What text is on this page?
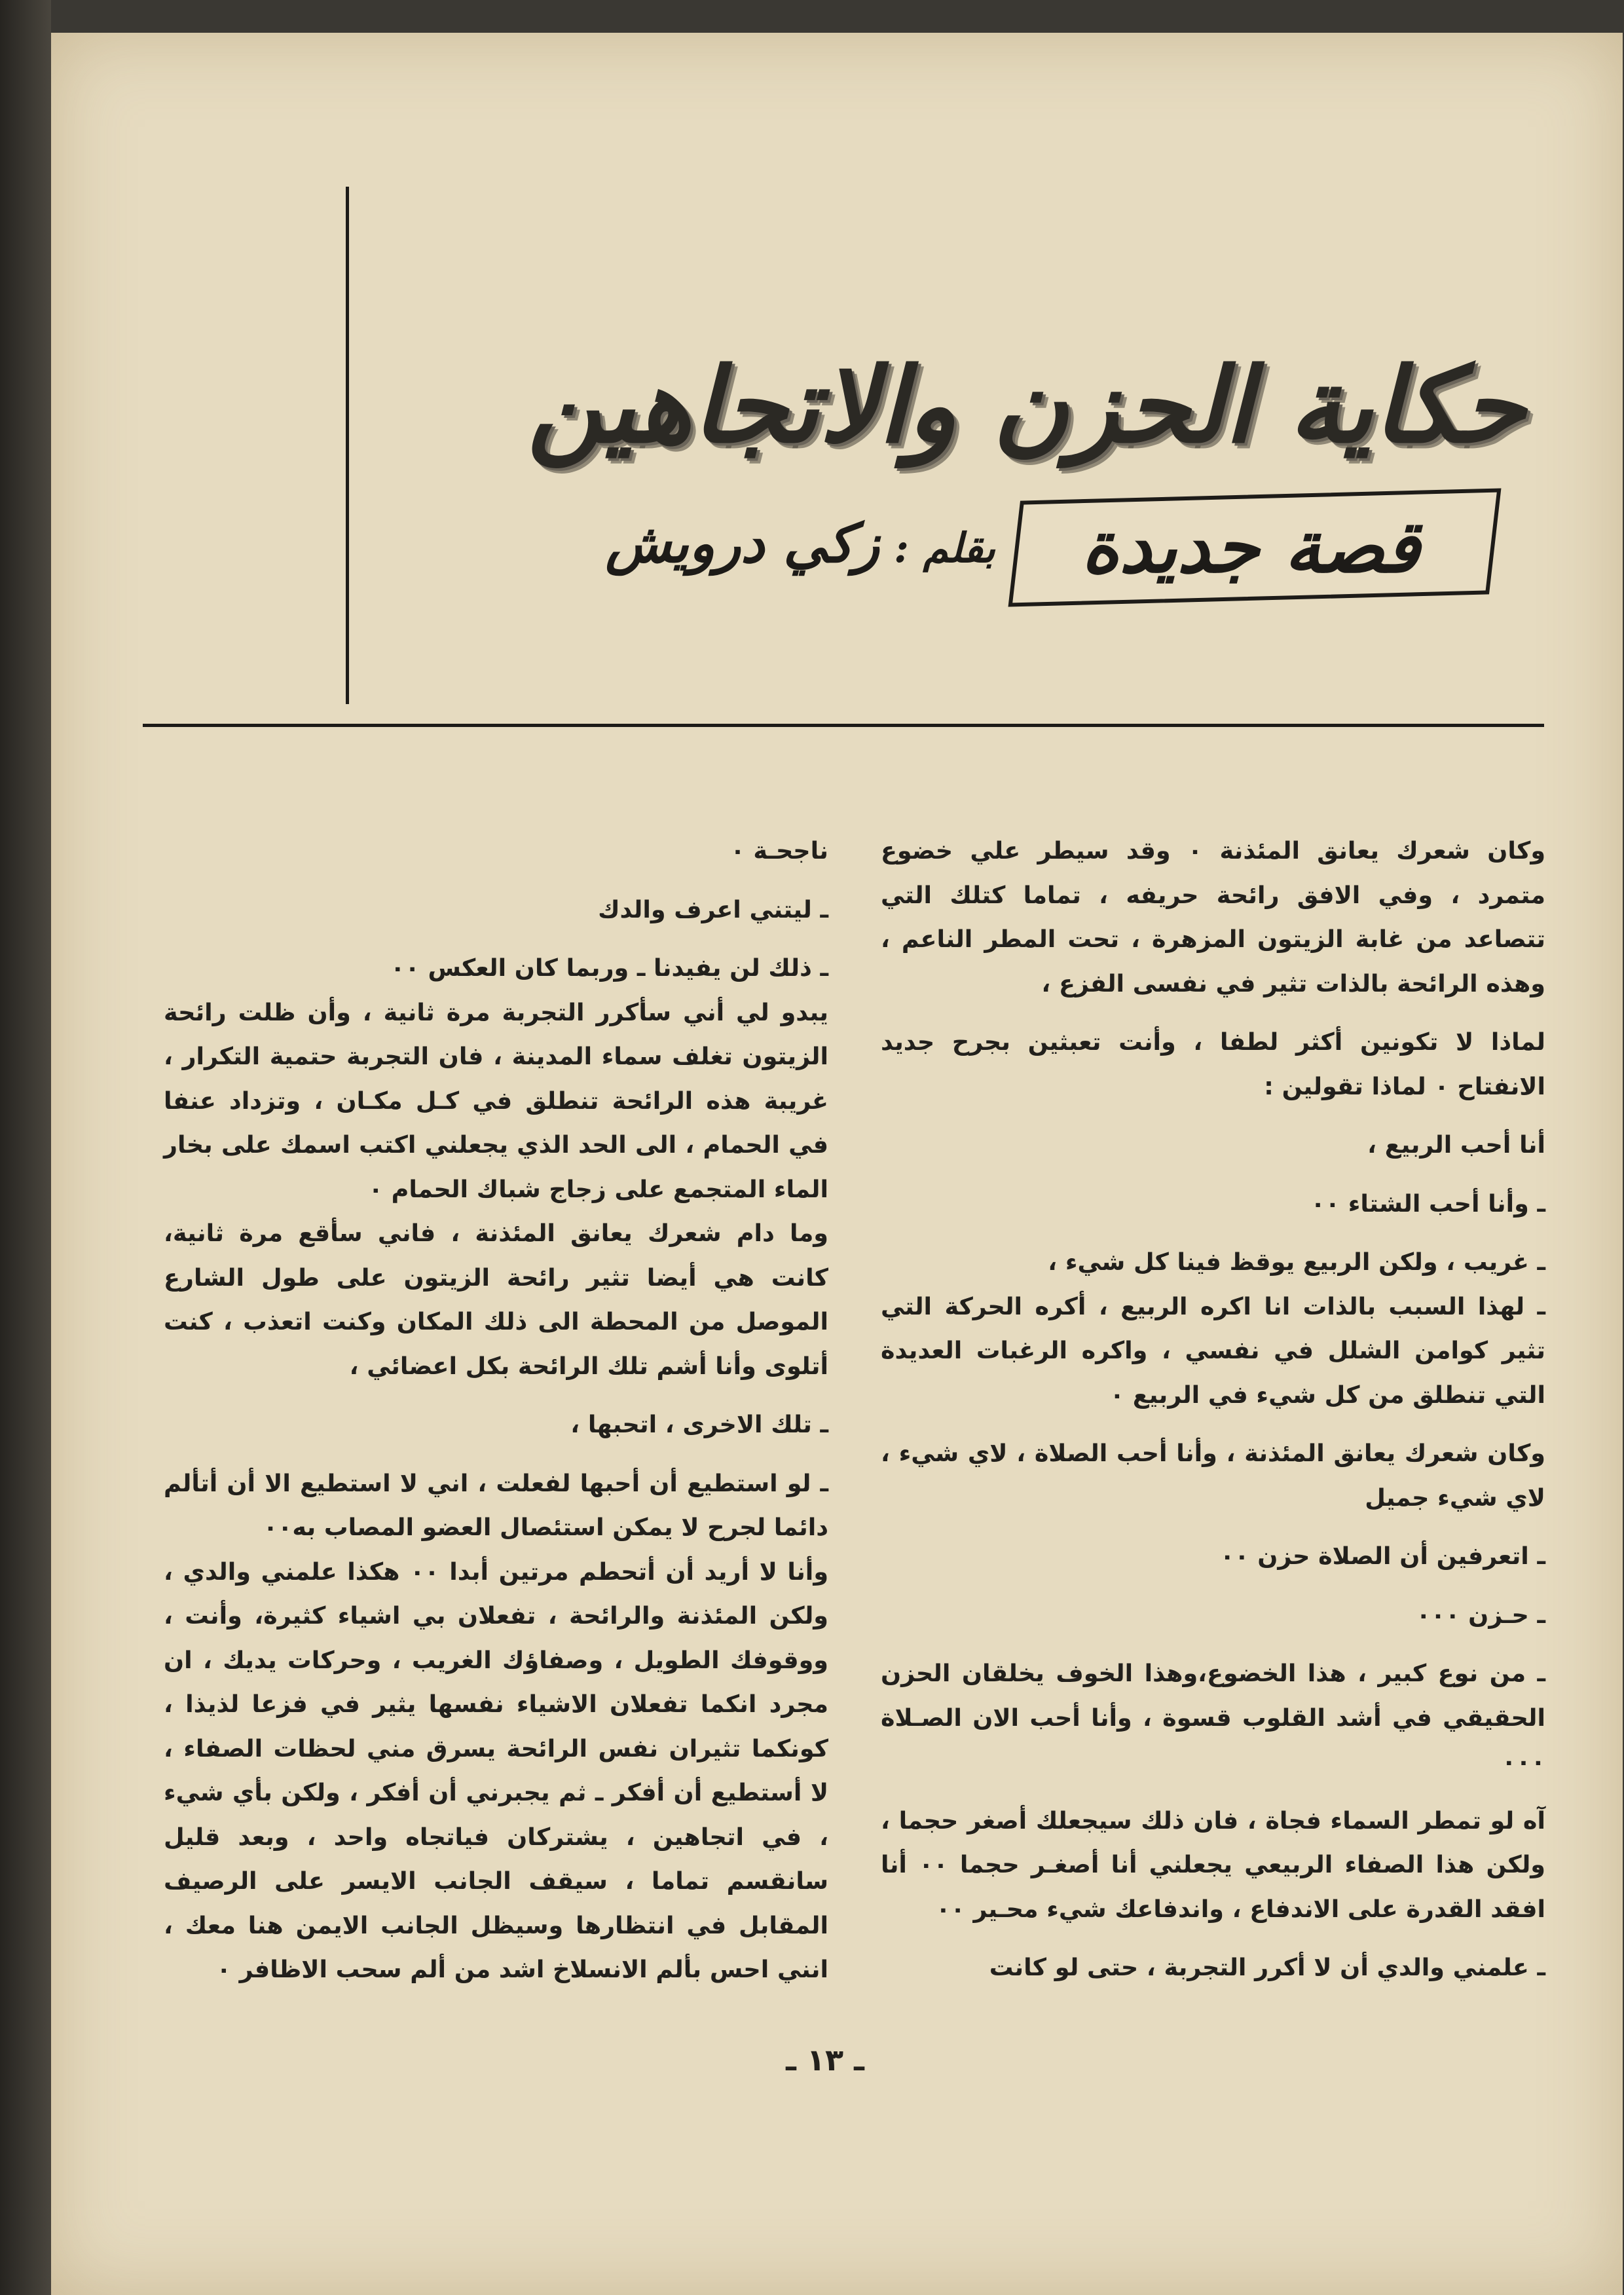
حكاية الحزن والاتجاهين
قصة جديدة
بقلم :زكي درويش

وكان شعرك يعانق المئذنة ٠ وقد سيطر علي خضوع متمرد ، وفي الافق رائحة حريفه ، تماما كتلك التي تتصاعد من غابة الزيتون المزهرة ، تحت المطر الناعم ، وهذه الرائحة بالذات تثير في نفسى الفزع ،

لماذا لا تكونين أكثر لطفا ، وأنت تعبثين بجرح جديد الانفتاح ٠ لماذا تقولين :

أنا أحب الربيع ،

ـ وأنا أحب الشتاء ٠٠

ـ غريب ، ولكن الربيع يوقظ فينا كل شيء ،

ـ لهذا السبب بالذات انا اكره الربيع ، أكره الحركة التي تثير كوامن الشلل في نفسي ، واكره الرغبات العديدة التي تنطلق من كل شيء في الربيع ٠

وكان شعرك يعانق المئذنة ، وأنا أحب الصلاة ، لاي شيء ، لاي شيء جميل

ـ اتعرفين أن الصلاة حزن ٠٠

ـ حـزن ٠٠٠

ـ من نوع كبير ، هذا الخضوع،وهذا الخوف يخلقان الحزن الحقيقي في أشد القلوب قسوة ، وأنا أحب الان الصـلاة ٠٠٠

آه لو تمطر السماء فجاة ، فان ذلك سيجعلك أصغر حجما ، ولكن هذا الصفاء الربيعي يجعلني أنا أصغـر حجما ٠٠ أنا افقد القدرة على الاندفاع ، واندفاعك شيء محـير ٠٠

ـ علمني والدي أن لا أكرر التجربة ، حتى لو كانت

ناجحـة ٠

ـ ليتني اعرف والدك

ـ ذلك لن يفيدنا ـ وربما كان العكس ٠٠

يبدو لي أني سأكرر التجربة مرة ثانية ، وأن ظلت رائحة الزيتون تغلف سماء المدينة ، فان التجربة حتمية التكرار ، غريبة هذه الرائحة تنطلق في كـل مكـان ، وتزداد عنفا في الحمام ، الى الحد الذي يجعلني اكتب اسمك على بخار الماء المتجمع على زجاج شباك الحمام ٠

وما دام شعرك يعانق المئذنة ، فاني سأقع مرة ثانية، كانت هي أيضا تثير رائحة الزيتون على طول الشارع الموصل من المحطة الى ذلك المكان وكنت اتعذب ، كنت أتلوى وأنا أشم تلك الرائحة بكل اعضائي ،

ـ تلك الاخرى ، اتحبها ،

ـ لو استطيع أن أحبها لفعلت ، اني لا استطيع الا أن أتألم دائما لجرح لا يمكن استئصال العضو المصاب به٠٠

وأنا لا أريد أن أتحطم مرتين أبدا ٠٠ هكذا علمني والدي ، ولكن المئذنة والرائحة ، تفعلان بي اشياء كثيرة، وأنت ، ووقوفك الطويل ، وصفاؤك الغريب ، وحركات يديك ، ان مجرد انكما تفعلان الاشياء نفسها يثير في فزعا لذيذا ، كونكما تثيران نفس الرائحة يسرق مني لحظات الصفاء ، لا أستطيع أن أفكر ـ ثم يجبرني أن أفكر ، ولكن بأي شيء ، في اتجاهين ، يشتركان فياتجاه واحد ، وبعد قليل سانقسم تماما ، سيقف الجانب الايسر على الرصيف المقابل في انتظارها وسيظل الجانب الايمن هنا معك ، انني احس بألم الانسلاخ اشد من ألم سحب الاظافر ٠

ـ ١٣ ـ
